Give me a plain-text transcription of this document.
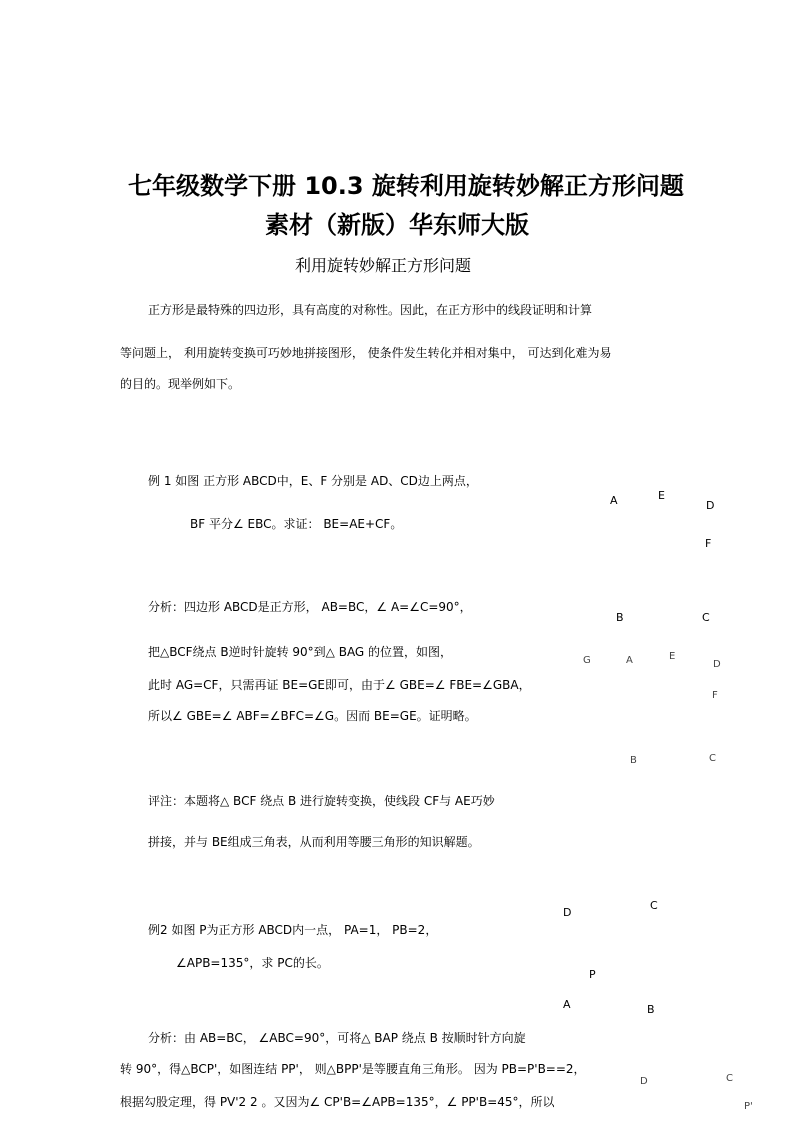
七年级数学下册 10.3 旋转利用旋转妙解正方形问题
素材（新版）华东师大版
利用旋转妙解正方形问题
正方形是最特殊的四边形，具有高度的对称性。因此，在正方形中的线段证明和计算
等问题上， 利用旋转变换可巧妙地拼接图形， 使条件发生转化并相对集中， 可达到化难为易
的目的。现举例如下。
例 1 如图 正方形 ABCD中，E、F 分别是 AD、CD边上两点，
BF 平分∠ EBC。求证： BE=AE+CF。
分析：四边形 ABCD是正方形， AB=BC，∠ A=∠C=90°，
把△BCF绕点 B逆时针旋转 90°到△ BAG 的位置，如图，
此时 AG=CF，只需再证 BE=GE即可，由于∠ GBE=∠ FBE=∠GBA，
所以∠ GBE=∠ ABF=∠BFC=∠G。因而 BE=GE。证明略。
评注：本题将△ BCF 绕点 B 进行旋转变换，使线段 CF与 AE巧妙
拼接，并与 BE组成三角表，从而利用等腰三角形的知识解题。
A	E
D
F
B	C
G	A	E
D
F
B	C
例2 如图 P为正方形 ABCD内一点， PA=1， PB=2，
∠APB=135°，求 PC的长。
分析：由 AB=BC， ∠ABC=90°，可将△ BAP 绕点 B 按顺时针方向旋
转 90°，得△BCP'，如图连结 PP'， 则△BPP'是等腰直角三角形。 因为 PB=P'B==2，
根据勾股定理，得 PV'2 2 。又因为∠ CP'B=∠APB=135°，∠ PP'B=45°，所以
D
C
P
A	B
D	C
P'
